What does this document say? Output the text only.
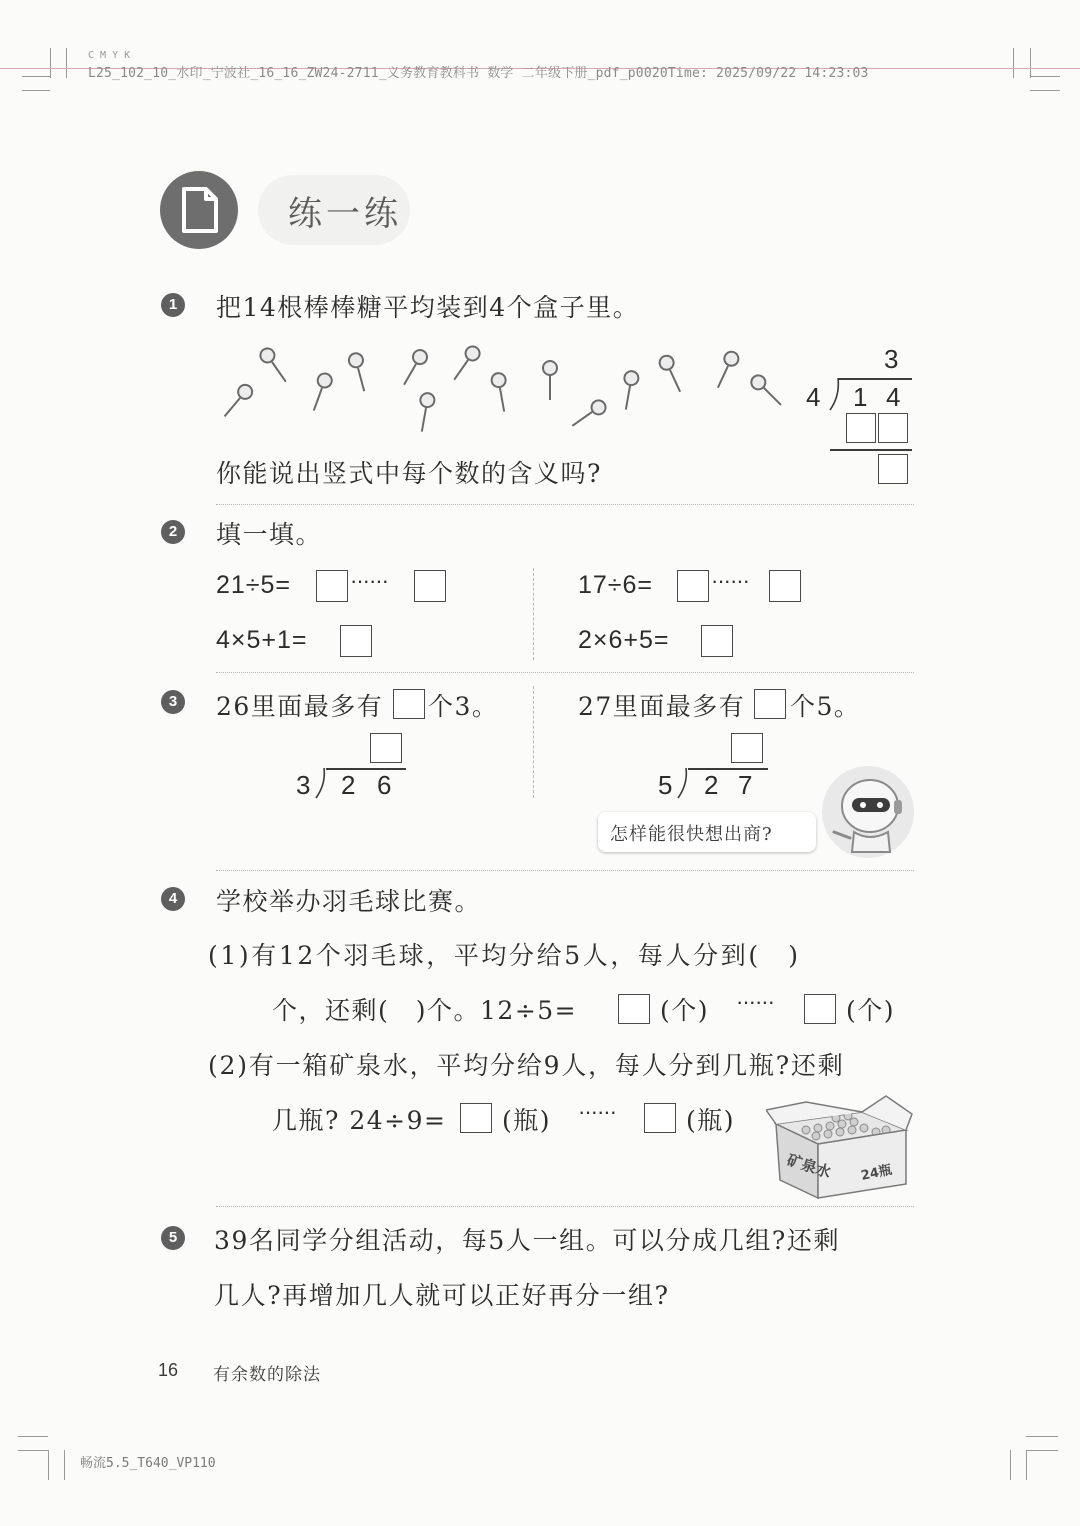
C M Y K
L25_102_10_水印_宁波社_16_16_ZW24-2711_义务教育教科书 数学 二年级下册_pdf_p0020Time: 2025/09/22 14:23:03
练一练
1	把14根棒棒糖平均装到4个盒子里。
3
4 1 4
你能说出竖式中每个数的含义吗?
2	填一填。
21÷5=	······	17÷6=	······
4×5+1=	2×6+5=
3	26里面最多有 个3。	27里面最多有 个5。
3 2 6	5 2 7
怎样能很快想出商?
4	学校举办羽毛球比赛。
(1)有12个羽毛球，平均分给5人，每人分到(　)
个，还剩(　)个。12÷5=	(个) ······	(个)
(2)有一箱矿泉水，平均分给9人，每人分到几瓶?还剩
几瓶? 24÷9= (瓶) ······	(瓶)
矿泉水 24瓶
5	39名同学分组活动，每5人一组。可以分成几组?还剩
几人?再增加几人就可以正好再分一组?
16 有余数的除法
畅流5.5_T640_VP110
